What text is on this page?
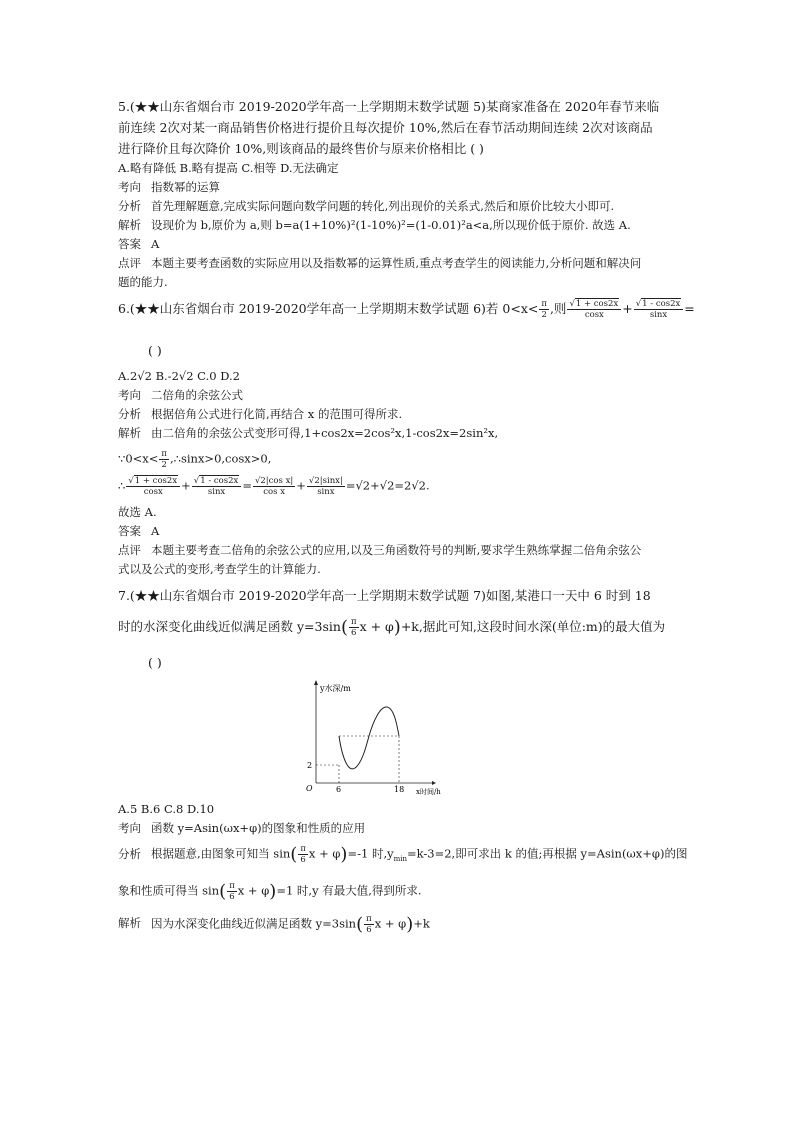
5.(★★山东省烟台市 2019-2020学年高一上学期期末数学试题 5)某商家准备在 2020年春节来临
前连续 2次对某一商品销售价格进行提价且每次提价 10%,然后在春节活动期间连续 2次对该商品
进行降价且每次降价 10%,则该商品的最终售价与原来价格相比 ( )
A.略有降低 B.略有提高 C.相等 D.无法确定
考向 指数幂的运算
分析 首先理解题意,完成实际问题向数学问题的转化,列出现价的关系式,然后和原价比较大小即可.
解析 设现价为 b,原价为 a,则 b=a(1+10%)²(1-10%)²=(1-0.01)²a<a,所以现价低于原价. 故选 A.
答案 A
点评 本题主要考查函数的实际应用以及指数幂的运算性质,重点考查学生的阅读能力,分析问题和解决问
题的能力.
6.(★★山东省烟台市 2019-2020学年高一上学期期末数学试题 6)若 $0<x< \frac{\pi}{2}$ ,则 $\frac{√1 + \cos 2x}{\cos x} + \frac{√1 - \cos 2x}{\sin x}$ =
( )
A.2√2 B.-2√2 C.0 D.2
考向 二倍角的余弦公式
分析 根据倍角公式进行化简,再结合 x 的范围可得所求.
解析 由二倍角的余弦公式变形可得,1+cos2x=2cos²x,1-cos2x=2sin²x,
∵0<x< $\frac{\pi}{2}$ ,∴sinx>0,cosx>0,
∴ $\frac{√1 + \cos 2x}{\cos x} + \frac{√1 - \cos 2x}{\sin x} = \frac{\text{√2|cos x|}}{\text{cos x}} + \frac{√2|\sin x|}{\sin x} =√2+√2=2√2$.
故选 A.
答案 A
点评 本题主要考查二倍角的余弦公式的应用,以及三角函数符号的判断,要求学生熟练掌握二倍角余弦公
式以及公式的变形,考查学生的计算能力.
7.(★★山东省烟台市 2019-2020学年高一上学期期末数学试题 7)如图,某港口一天中 6 时到 18
时的水深变化曲线近似满足函数 $y=3\sin( \frac{\pi}{6}$ x + φ)+k,据此可知,这段时间水深(单位:m)的最大值为
( )
y水深/m
x时间/h
O
2
6	18
A.5 B.6 C.8 D.10
考向 函数 y=Asin(ωx+φ)的图象和性质的应用
分析 根据题意,由图象可知当 $\sin( \frac{\pi}{6}$ x + φ)=-1 时$,y_{min}=k-3=2$,即可求出 k 的值;再根据 y=Asin(ωx+φ)的图
象和性质可得当 $\sin( \frac{\pi}{6}$ x + φ)=1 时,y 有最大值,得到所求.
解析 因为水深变化曲线近似满足函数 $y=3\sin( \frac{\pi}{6}$ x + φ)+k
